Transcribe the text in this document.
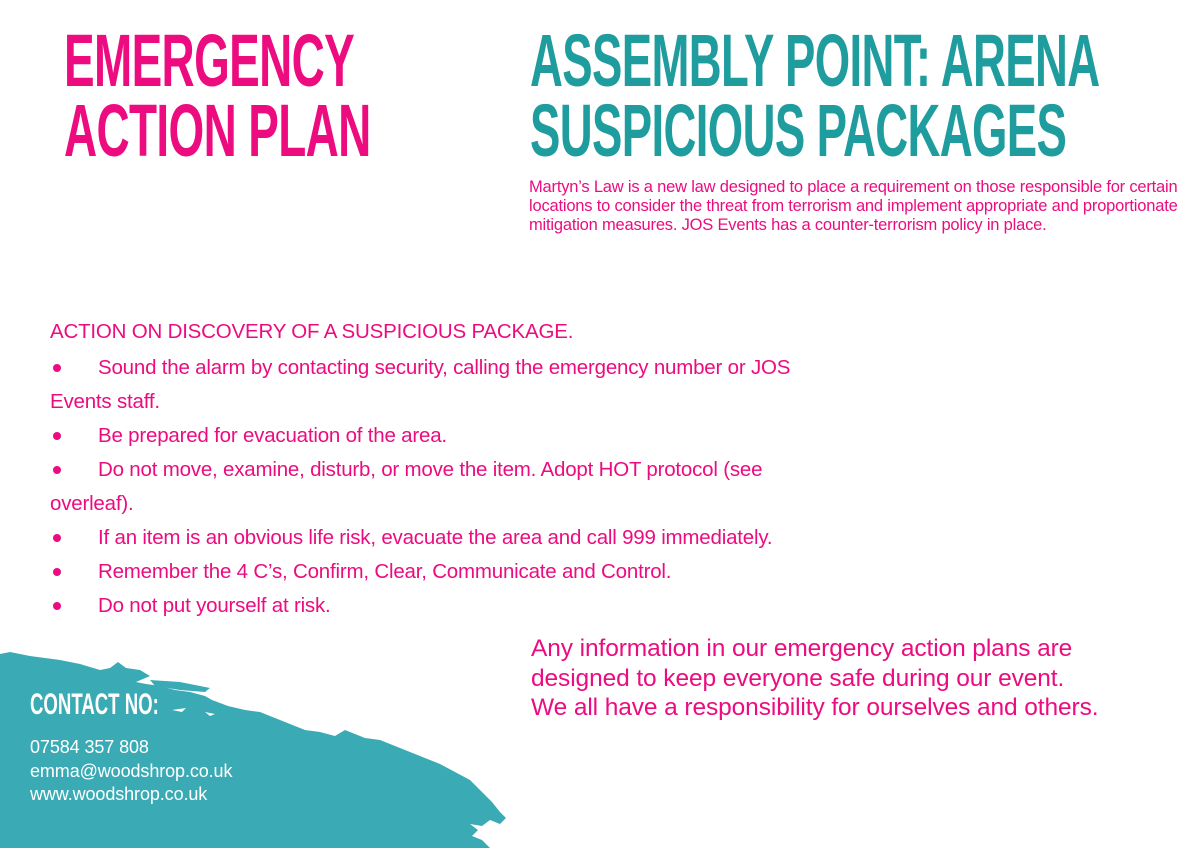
EMERGENCY
ACTION PLAN
ASSEMBLY POINT: ARENA
SUSPICIOUS PACKAGES

Martyn’s Law is a new law designed to place a requirement on those responsible for certain locations to consider the threat from terrorism and implement appropriate and proportionate mitigation measures. JOS Events has a counter-terrorism policy in place.

ACTION ON DISCOVERY OF A SUSPICIOUS PACKAGE.

Sound the alarm by contacting security, calling the emergency number or JOS
Events staff.
Be prepared for evacuation of the area.
Do not move, examine, disturb, or move the item. Adopt HOT protocol (see
overleaf).
If an item is an obvious life risk, evacuate the area and call 999 immediately.
Remember the 4 C’s, Confirm, Clear, Communicate and Control.
Do not put yourself at risk.
Any information in our emergency action plans are
designed to keep everyone safe during our event.
We all have a responsibility for ourselves and others.
CONTACT NO:

07584 357 808

emma@woodshrop.co.uk

www.woodshrop.co.uk
